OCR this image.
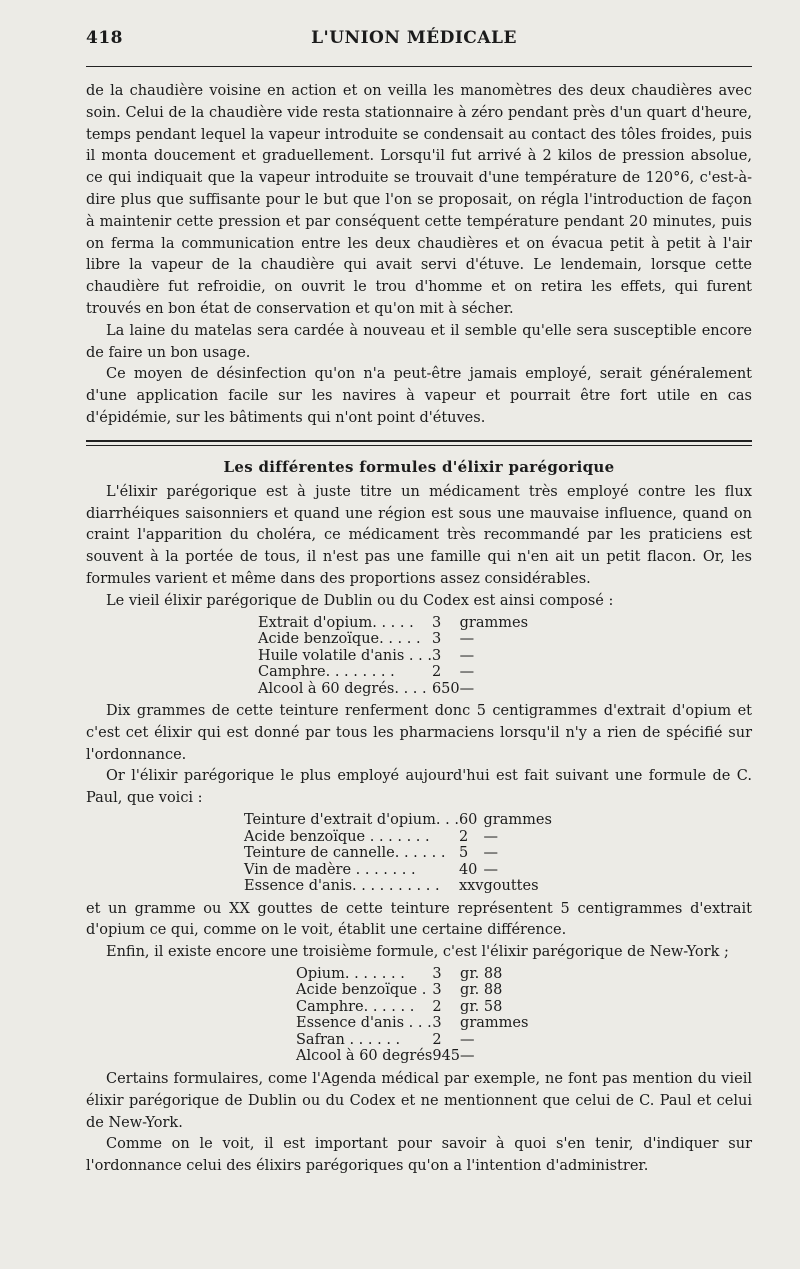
418	L'UNION MÉDICALE

de la chaudière voisine en action et on veilla les manomètres des deux chaudières avec soin. Celui de la chaudière vide resta stationnaire à zéro pendant près d'un quart d'heure, temps pendant lequel la vapeur introduite se condensait au contact des tôles froides, puis il monta doucement et graduellement. Lorsqu'il fut arrivé à 2 kilos de pression absolue, ce qui indiquait que la vapeur introduite se trouvait d'une température de 120°6, c'est-à-dire plus que suffisante pour le but que l'on se proposait, on régla l'introduction de façon à maintenir cette pression et par conséquent cette température pendant 20 minutes, puis on ferma la communication entre les deux chaudières et on évacua petit à petit à l'air libre la vapeur de la chaudière qui avait servi d'étuve. Le lendemain, lorsque cette chaudière fut refroidie, on ouvrit le trou d'homme et on retira les effets, qui furent trouvés en bon état de conservation et qu'on mit à sécher.

La laine du matelas sera cardée à nouveau et il semble qu'elle sera susceptible encore de faire un bon usage.

Ce moyen de désinfection qu'on n'a peut-être jamais employé, serait généralement d'une application facile sur les navires à vapeur et pourrait être fort utile en cas d'épidémie, sur les bâtiments qui n'ont point d'étuves.

Les différentes formules d'élixir parégorique

L'élixir parégorique est à juste titre un médicament très employé contre les flux diarrhéiques saisonniers et quand une région est sous une mauvaise influence, quand on craint l'apparition du choléra, ce médicament très recommandé par les praticiens est souvent à la portée de tous, il n'est pas une famille qui n'en ait un petit flacon. Or, les formules varient et même dans des proportions assez considérables.

Le vieil élixir parégorique de Dublin ou du Codex est ainsi composé :

Extrait d'opium. . . . .	3	grammes
Acide benzoïque. . . . .	3	—
Huile volatile d'anis . . .	3	—
Camphre. . . . . . . .	2	—
Alcool à 60 degrés. . . .	650	—

Dix grammes de cette teinture renferment donc 5 centigrammes d'extrait d'opium et c'est cet élixir qui est donné par tous les pharmaciens lorsqu'il n'y a rien de spécifié sur l'ordonnance.

Or l'élixir parégorique le plus employé aujourd'hui est fait suivant une formule de C. Paul, que voici :

Teinture d'extrait d'opium. . .	60	grammes
Acide benzoïque . . . . . . .	2	—
Teinture de cannelle. . . . . .	5	—
Vin de madère . . . . . . .	40	—
Essence d'anis. . . . . . . . . .	xxv	gouttes

et un gramme ou XX gouttes de cette teinture représentent 5 centigrammes d'extrait d'opium ce qui, comme on le voit, établit une certaine différence.

Enfin, il existe encore une troisième formule, c'est l'élixir parégorique de New-York ;

Opium. . . . . . .	3	gr. 88
Acide benzoïque .	3	gr. 88
Camphre. . . . . .	2	gr. 58
Essence d'anis . . .	3	grammes
Safran . . . . . .	2	—
Alcool à 60 degrés	945	—

Certains formulaires, come l'Agenda médical par exemple, ne font pas mention du vieil élixir parégorique de Dublin ou du Codex et ne mentionnent que celui de C. Paul et celui de New-York.

Comme on le voit, il est important pour savoir à quoi s'en tenir, d'indiquer sur l'ordonnance celui des élixirs parégoriques qu'on a l'intention d'administrer.
